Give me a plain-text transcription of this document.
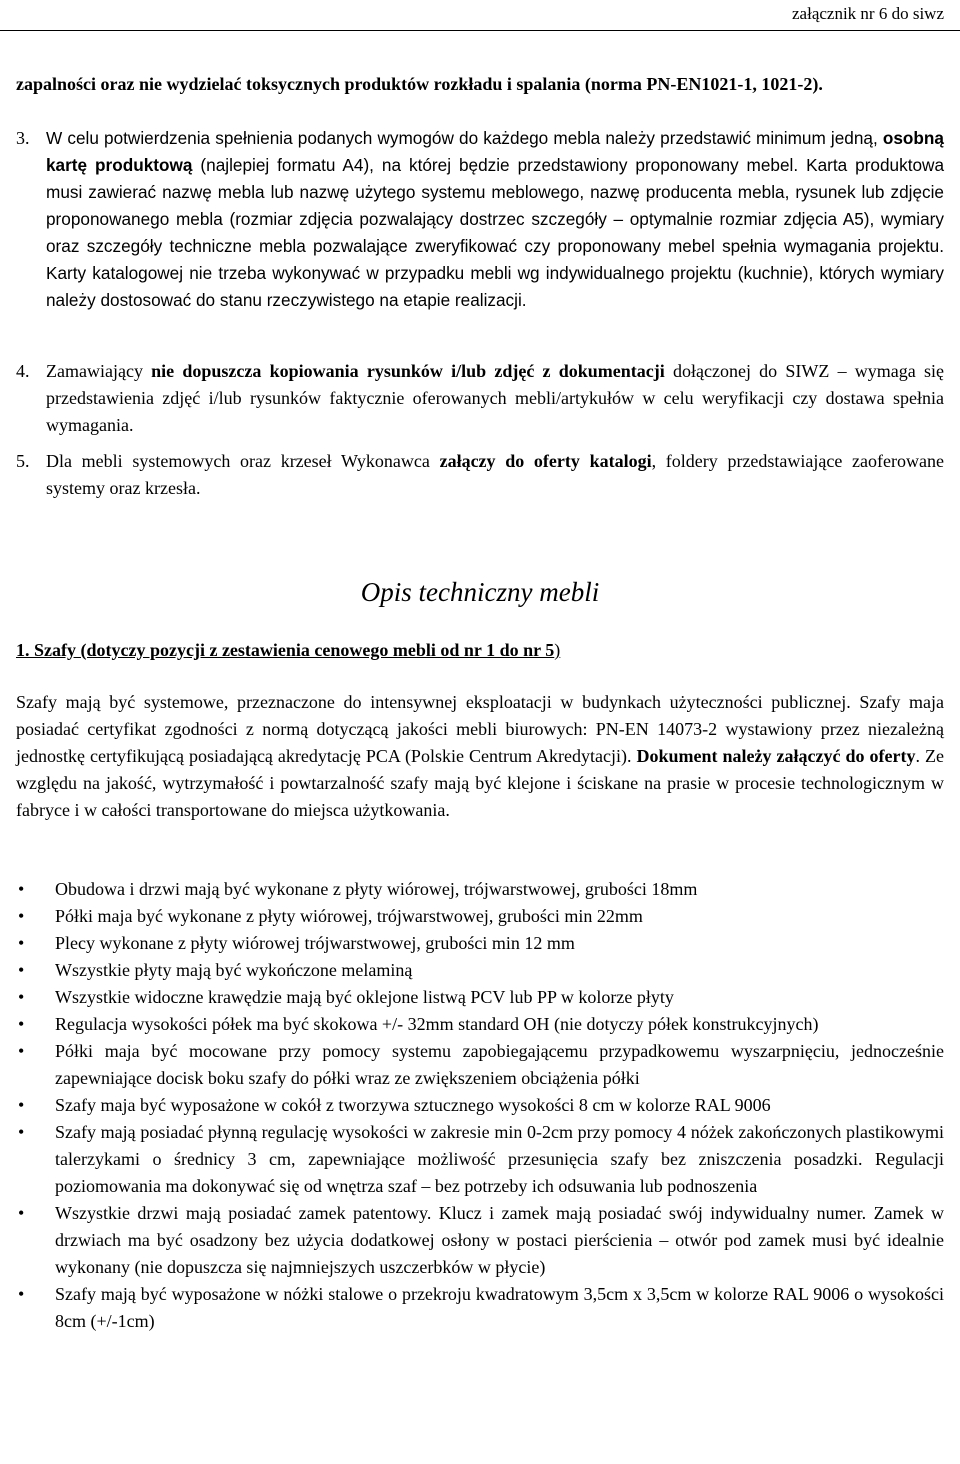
załącznik nr 6 do siwz
zapalności oraz nie wydzielać toksycznych produktów rozkładu i spalania (norma PN-EN1021-1, 1021-2).
3. W celu potwierdzenia spełnienia podanych wymogów do każdego mebla należy przedstawić minimum jedną, osobną kartę produktową (najlepiej formatu A4), na której będzie przedstawiony proponowany mebel. Karta produktowa musi zawierać nazwę mebla lub nazwę użytego systemu meblowego, nazwę producenta mebla, rysunek lub zdjęcie proponowanego mebla (rozmiar zdjęcia pozwalający dostrzec szczegóły – optymalnie rozmiar zdjęcia A5), wymiary oraz szczegóły techniczne mebla pozwalające zweryfikować czy proponowany mebel spełnia wymagania projektu. Karty katalogowej nie trzeba wykonywać w przypadku mebli wg indywidualnego projektu (kuchnie), których wymiary należy dostosować do stanu rzeczywistego na etapie realizacji.
4. Zamawiający nie dopuszcza kopiowania rysunków i/lub zdjęć z dokumentacji dołączonej do SIWZ – wymaga się przedstawienia zdjęć i/lub rysunków faktycznie oferowanych mebli/artykułów w celu weryfikacji czy dostawa spełnia wymagania.
5. Dla mebli systemowych oraz krzeseł Wykonawca załączy do oferty katalogi, foldery przedstawiające zaoferowane systemy oraz krzesła.
Opis techniczny mebli
1. Szafy (dotyczy pozycji z zestawienia cenowego mebli od nr 1 do nr 5)
Szafy mają być systemowe, przeznaczone do intensywnej eksploatacji w budynkach użyteczności publicznej. Szafy maja posiadać certyfikat zgodności z normą dotyczącą jakości mebli biurowych: PN-EN 14073-2 wystawiony przez niezależną jednostkę certyfikującą posiadającą akredytację PCA (Polskie Centrum Akredytacji). Dokument należy załączyć do oferty. Ze względu na jakość, wytrzymałość i powtarzalność szafy mają być klejone i ściskane na prasie w procesie technologicznym w fabryce i w całości transportowane do miejsca użytkowania.
•	Obudowa i drzwi mają być wykonane z płyty wiórowej, trójwarstwowej, grubości 18mm
•	Półki maja być wykonane z płyty wiórowej, trójwarstwowej, grubości min 22mm
•	Plecy wykonane z płyty wiórowej trójwarstwowej, grubości min 12 mm
•	Wszystkie płyty mają być wykończone melaminą
•	Wszystkie widoczne krawędzie mają być oklejone listwą PCV lub PP w kolorze płyty
•	Regulacja wysokości półek ma być skokowa +/- 32mm standard OH (nie dotyczy półek konstrukcyjnych)
•	Półki maja być mocowane przy pomocy systemu zapobiegającemu przypadkowemu wyszarpnięciu, jednocześnie zapewniające docisk boku szafy do półki wraz ze zwiększeniem obciążenia półki
•	Szafy maja być wyposażone w cokół z tworzywa sztucznego wysokości 8 cm w kolorze RAL 9006
•	Szafy mają posiadać płynną regulację wysokości w zakresie min 0-2cm przy pomocy 4 nóżek zakończonych plastikowymi talerzykami o średnicy 3 cm, zapewniające możliwość przesunięcia szafy bez zniszczenia posadzki. Regulacji poziomowania ma dokonywać się od wnętrza szaf – bez potrzeby ich odsuwania lub podnoszenia
•	Wszystkie drzwi mają posiadać zamek patentowy. Klucz i zamek mają posiadać swój indywidualny numer. Zamek w drzwiach ma być osadzony bez użycia dodatkowej osłony w postaci pierścienia – otwór pod zamek musi być idealnie wykonany (nie dopuszcza się najmniejszych uszczerbków w płycie)
•	Szafy mają być wyposażone w nóżki stalowe o przekroju kwadratowym 3,5cm x 3,5cm w kolorze RAL 9006 o wysokości 8cm (+/-1cm)
